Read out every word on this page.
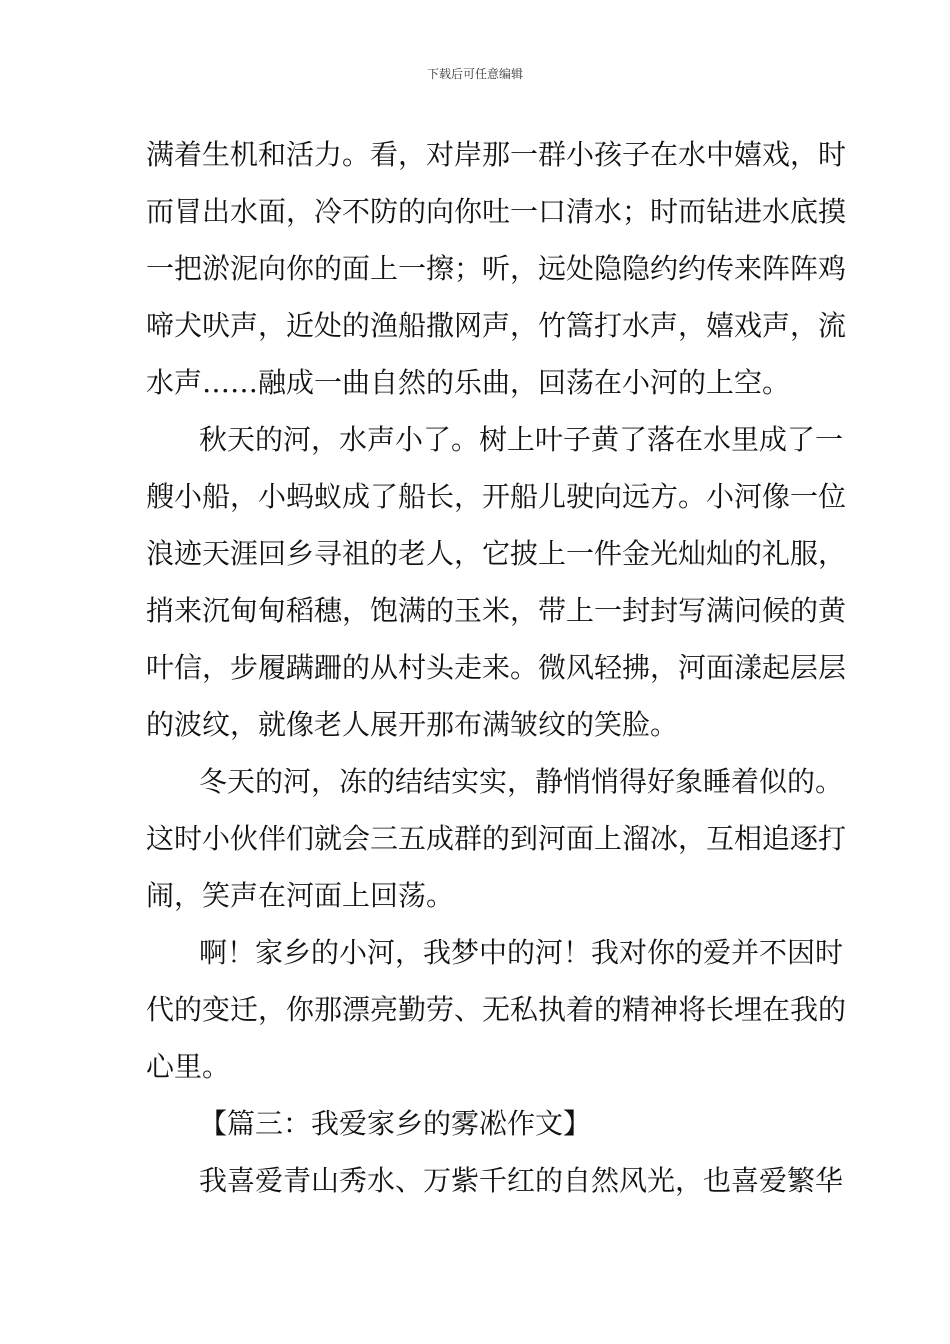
下载后可任意编辑
满着生机和活力。看，对岸那一群小孩子在水中嬉戏，时
而冒出水面，冷不防的向你吐一口清水；时而钻进水底摸
一把淤泥向你的面上一擦；听，远处隐隐约约传来阵阵鸡
啼犬吠声，近处的渔船撒网声，竹篙打水声，嬉戏声，流
水声……融成一曲自然的乐曲，回荡在小河的上空。
秋天的河，水声小了。树上叶子黄了落在水里成了一
艘小船，小蚂蚁成了船长，开船儿驶向远方。小河像一位
浪迹天涯回乡寻祖的老人，它披上一件金光灿灿的礼服，
捎来沉甸甸稻穗，饱满的玉米，带上一封封写满问候的黄
叶信，步履蹒跚的从村头走来。微风轻拂，河面漾起层层
的波纹，就像老人展开那布满皱纹的笑脸。
冬天的河，冻的结结实实，静悄悄得好象睡着似的。
这时小伙伴们就会三五成群的到河面上溜冰，互相追逐打
闹，笑声在河面上回荡。
啊！家乡的小河，我梦中的河！我对你的爱并不因时
代的变迁，你那漂亮勤劳、无私执着的精神将长埋在我的
心里。
【篇三：我爱家乡的雾凇作文】
我喜爱青山秀水、万紫千红的自然风光，也喜爱繁华
